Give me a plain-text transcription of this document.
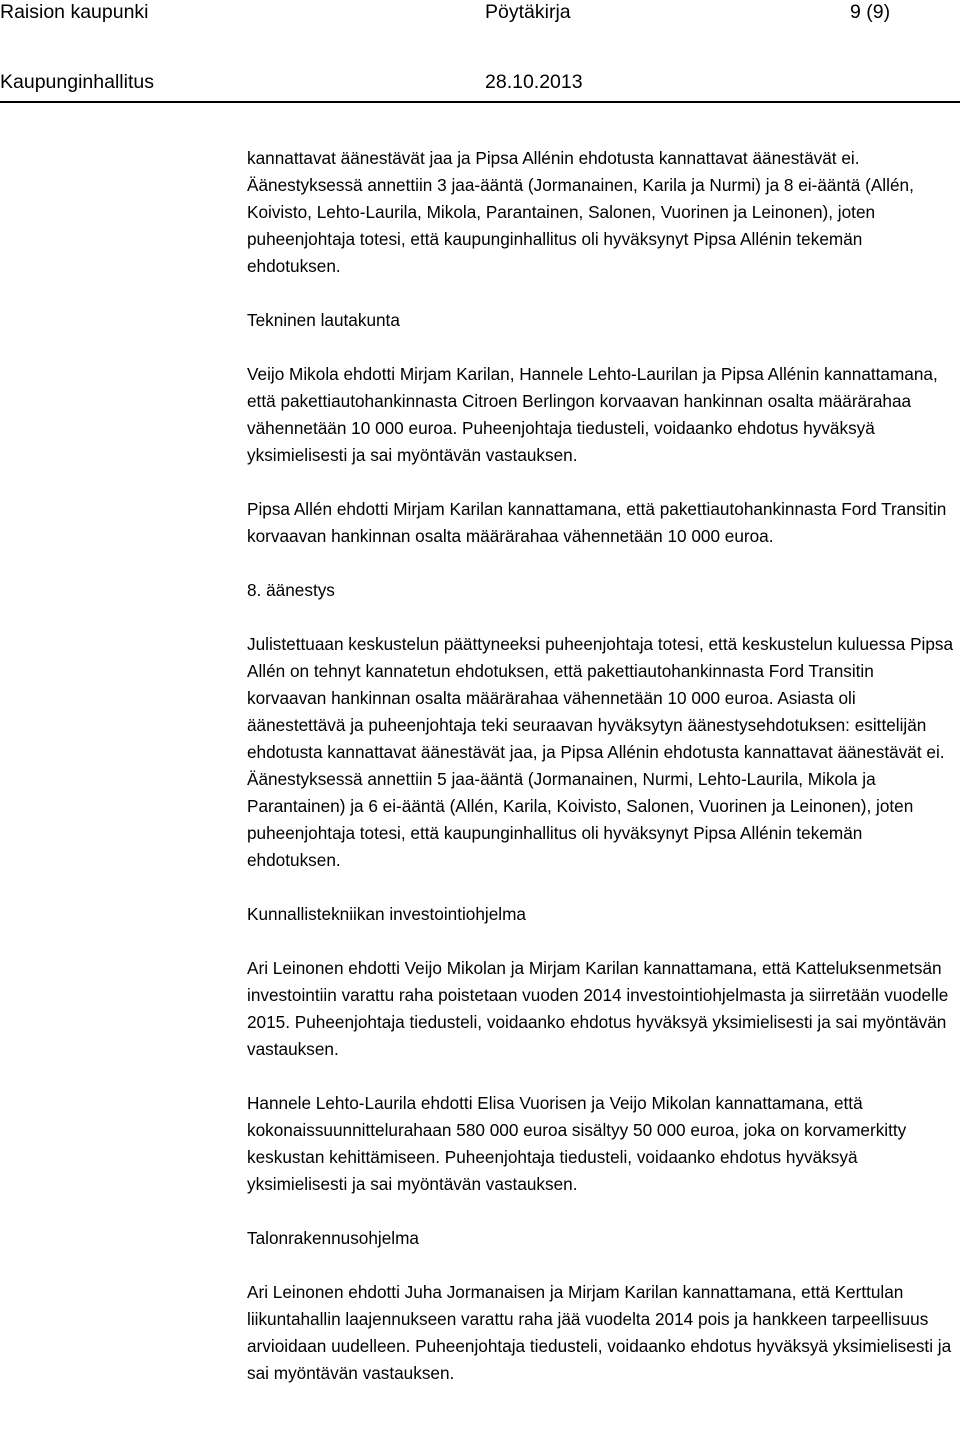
Raision kaupunki	Pöytäkirja	9 (9)
Kaupunginhallitus	28.10.2013

kannattavat äänestävät jaa ja Pipsa Allénin ehdotusta kannattavat äänestävät ei. Äänestyksessä annettiin 3 jaa-ääntä (Jormanainen, Karila ja Nurmi) ja 8 ei-ääntä (Allén, Koivisto, Lehto-Laurila, Mikola, Parantainen, Salonen, Vuorinen ja Leinonen), joten puheenjohtaja totesi, että kaupunginhallitus oli hyväksynyt Pipsa Allénin tekemän ehdotuksen.

Tekninen lautakunta

Veijo Mikola ehdotti Mirjam Karilan, Hannele Lehto-Laurilan ja Pipsa Allénin kannattamana, että pakettiautohankinnasta Citroen Berlingon korvaavan hankinnan osalta määrärahaa vähennetään 10 000 euroa. Puheenjohtaja tiedusteli, voidaanko ehdotus hyväksyä yksimielisesti ja sai myöntävän vastauksen.

Pipsa Allén ehdotti Mirjam Karilan kannattamana, että pakettiautohankinnasta Ford Transitin korvaavan hankinnan osalta määrärahaa vähennetään 10 000 euroa.

8. äänestys

Julistettuaan keskustelun päättyneeksi puheenjohtaja totesi, että keskustelun kuluessa Pipsa Allén on tehnyt kannatetun ehdotuksen, että pakettiautohankinnasta Ford Transitin korvaavan hankinnan osalta määrärahaa vähennetään 10 000 euroa. Asiasta oli äänestettävä ja puheenjohtaja teki seuraavan hyväksytyn äänestysehdotuksen: esittelijän ehdotusta kannattavat äänestävät jaa, ja Pipsa Allénin ehdotusta kannattavat äänestävät ei. Äänestyksessä annettiin 5 jaa-ääntä (Jormanainen, Nurmi, Lehto-Laurila, Mikola ja Parantainen) ja 6 ei-ääntä (Allén, Karila, Koivisto, Salonen, Vuorinen ja Leinonen), joten puheenjohtaja totesi, että kaupunginhallitus oli hyväksynyt Pipsa Allénin tekemän ehdotuksen.

Kunnallistekniikan investointiohjelma

Ari Leinonen ehdotti Veijo Mikolan ja Mirjam Karilan kannattamana, että Katteluksenmetsän investointiin varattu raha poistetaan vuoden 2014 investointiohjelmasta ja siirretään vuodelle 2015. Puheenjohtaja tiedusteli, voidaanko ehdotus hyväksyä yksimielisesti ja sai myöntävän vastauksen.

Hannele Lehto-Laurila ehdotti Elisa Vuorisen ja Veijo Mikolan kannattamana, että kokonaissuunnittelurahaan 580 000 euroa sisältyy 50 000 euroa, joka on korvamerkitty keskustan kehittämiseen. Puheenjohtaja tiedusteli, voidaanko ehdotus hyväksyä yksimielisesti ja sai myöntävän vastauksen.

Talonrakennusohjelma

Ari Leinonen ehdotti Juha Jormanaisen ja Mirjam Karilan kannattamana, että Kerttulan liikuntahallin laajennukseen varattu raha jää vuodelta 2014 pois ja hankkeen tarpeellisuus arvioidaan uudelleen. Puheenjohtaja tiedusteli, voidaanko ehdotus hyväksyä yksimielisesti ja sai myöntävän vastauksen.
